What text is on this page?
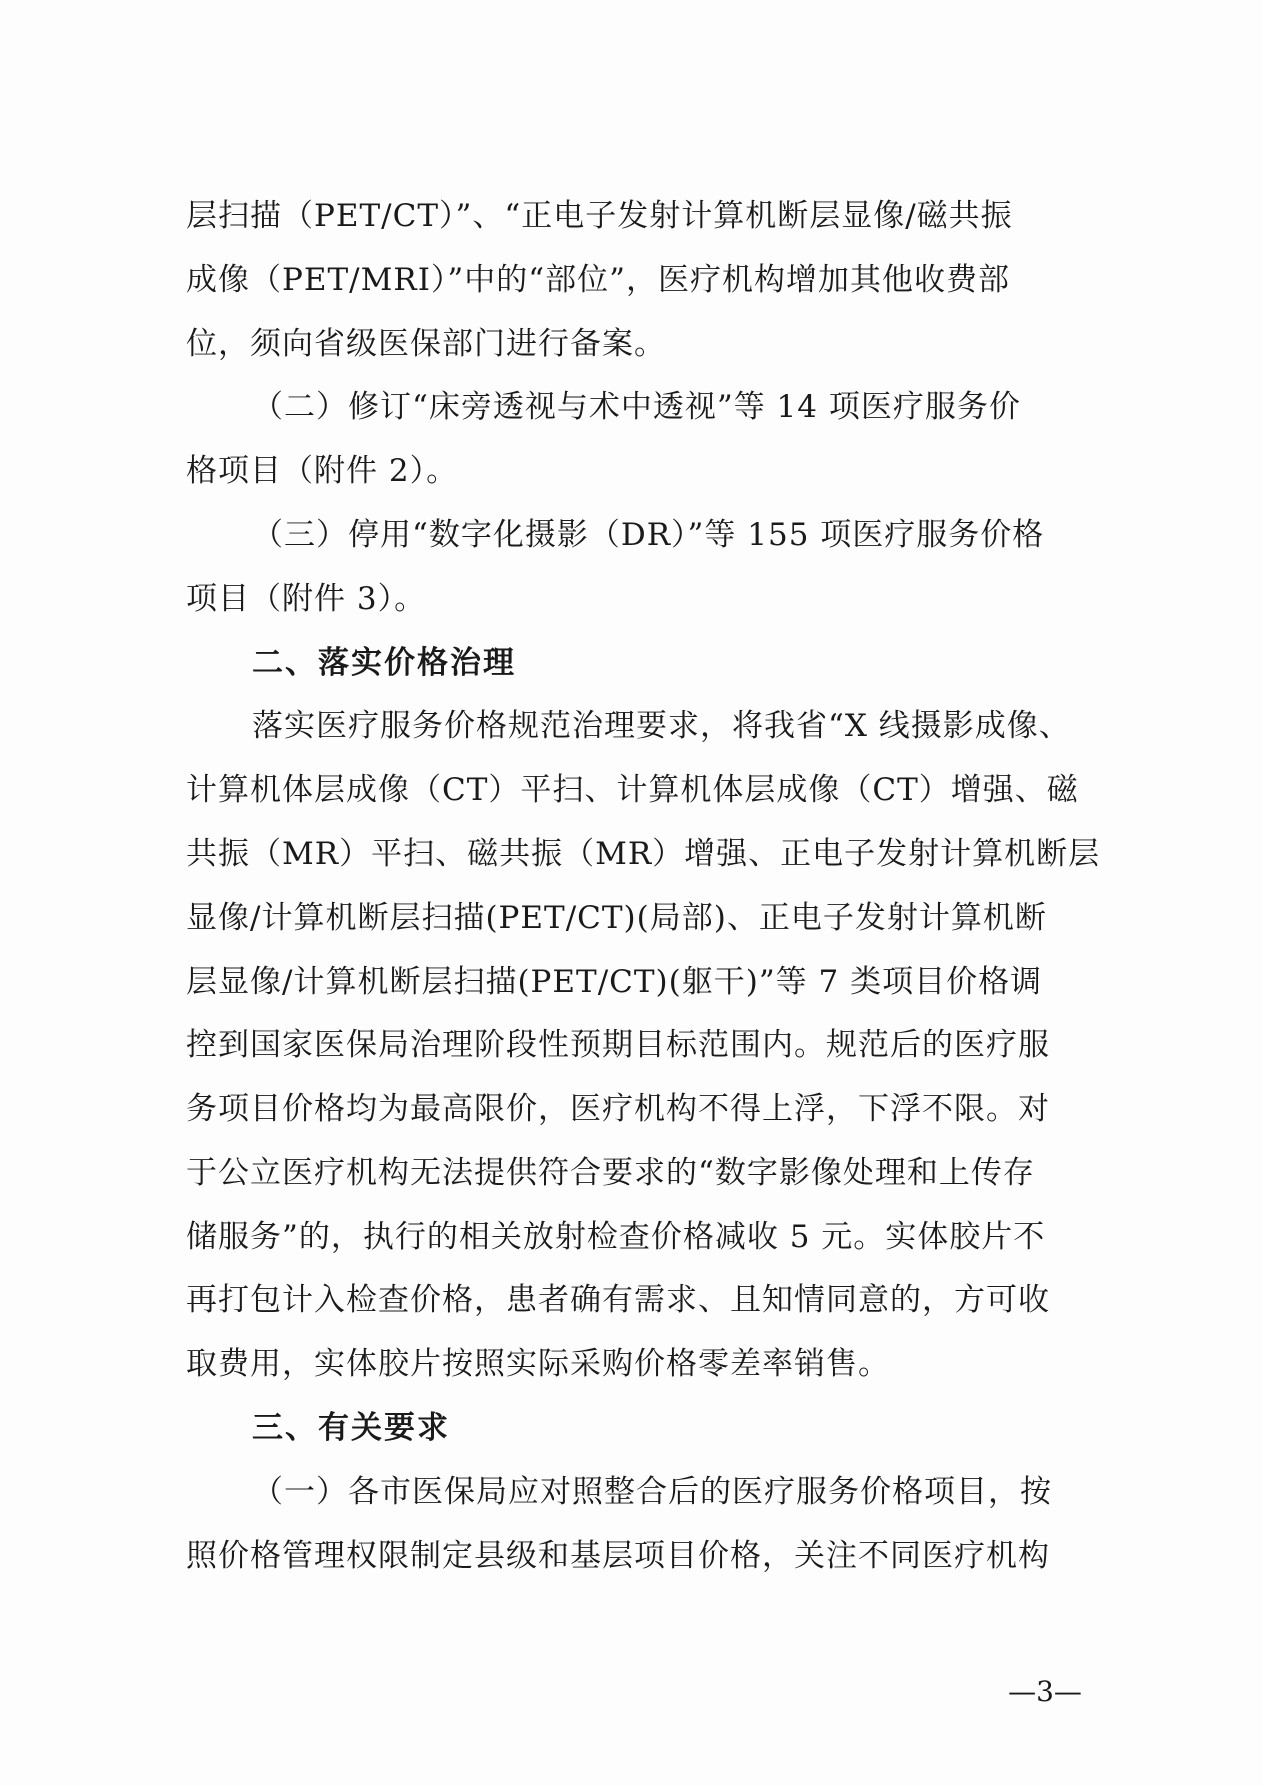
层扫描（PET/CT）”、“正电子发射计算机断层显像/磁共振
成像（PET/MRI）”中的“部位”，医疗机构增加其他收费部
位，须向省级医保部门进行备案。
（二）修订“床旁透视与术中透视”等 14 项医疗服务价
格项目（附件 2）。
（三）停用“数字化摄影（DR）”等 155 项医疗服务价格
项目（附件 3）。
二、落实价格治理
落实医疗服务价格规范治理要求，将我省“X 线摄影成像、
计算机体层成像（CT）平扫、计算机体层成像（CT）增强、磁
共振（MR）平扫、磁共振（MR）增强、正电子发射计算机断层
显像/计算机断层扫描(PET/CT)(局部)、正电子发射计算机断
层显像/计算机断层扫描(PET/CT)(躯干)”等 7 类项目价格调
控到国家医保局治理阶段性预期目标范围内。规范后的医疗服
务项目价格均为最高限价，医疗机构不得上浮，下浮不限。对
于公立医疗机构无法提供符合要求的“数字影像处理和上传存
储服务”的，执行的相关放射检查价格减收 5 元。实体胶片不
再打包计入检查价格，患者确有需求、且知情同意的，方可收
取费用，实体胶片按照实际采购价格零差率销售。
三、有关要求
（一）各市医保局应对照整合后的医疗服务价格项目，按
照价格管理权限制定县级和基层项目价格，关注不同医疗机构
—3—
